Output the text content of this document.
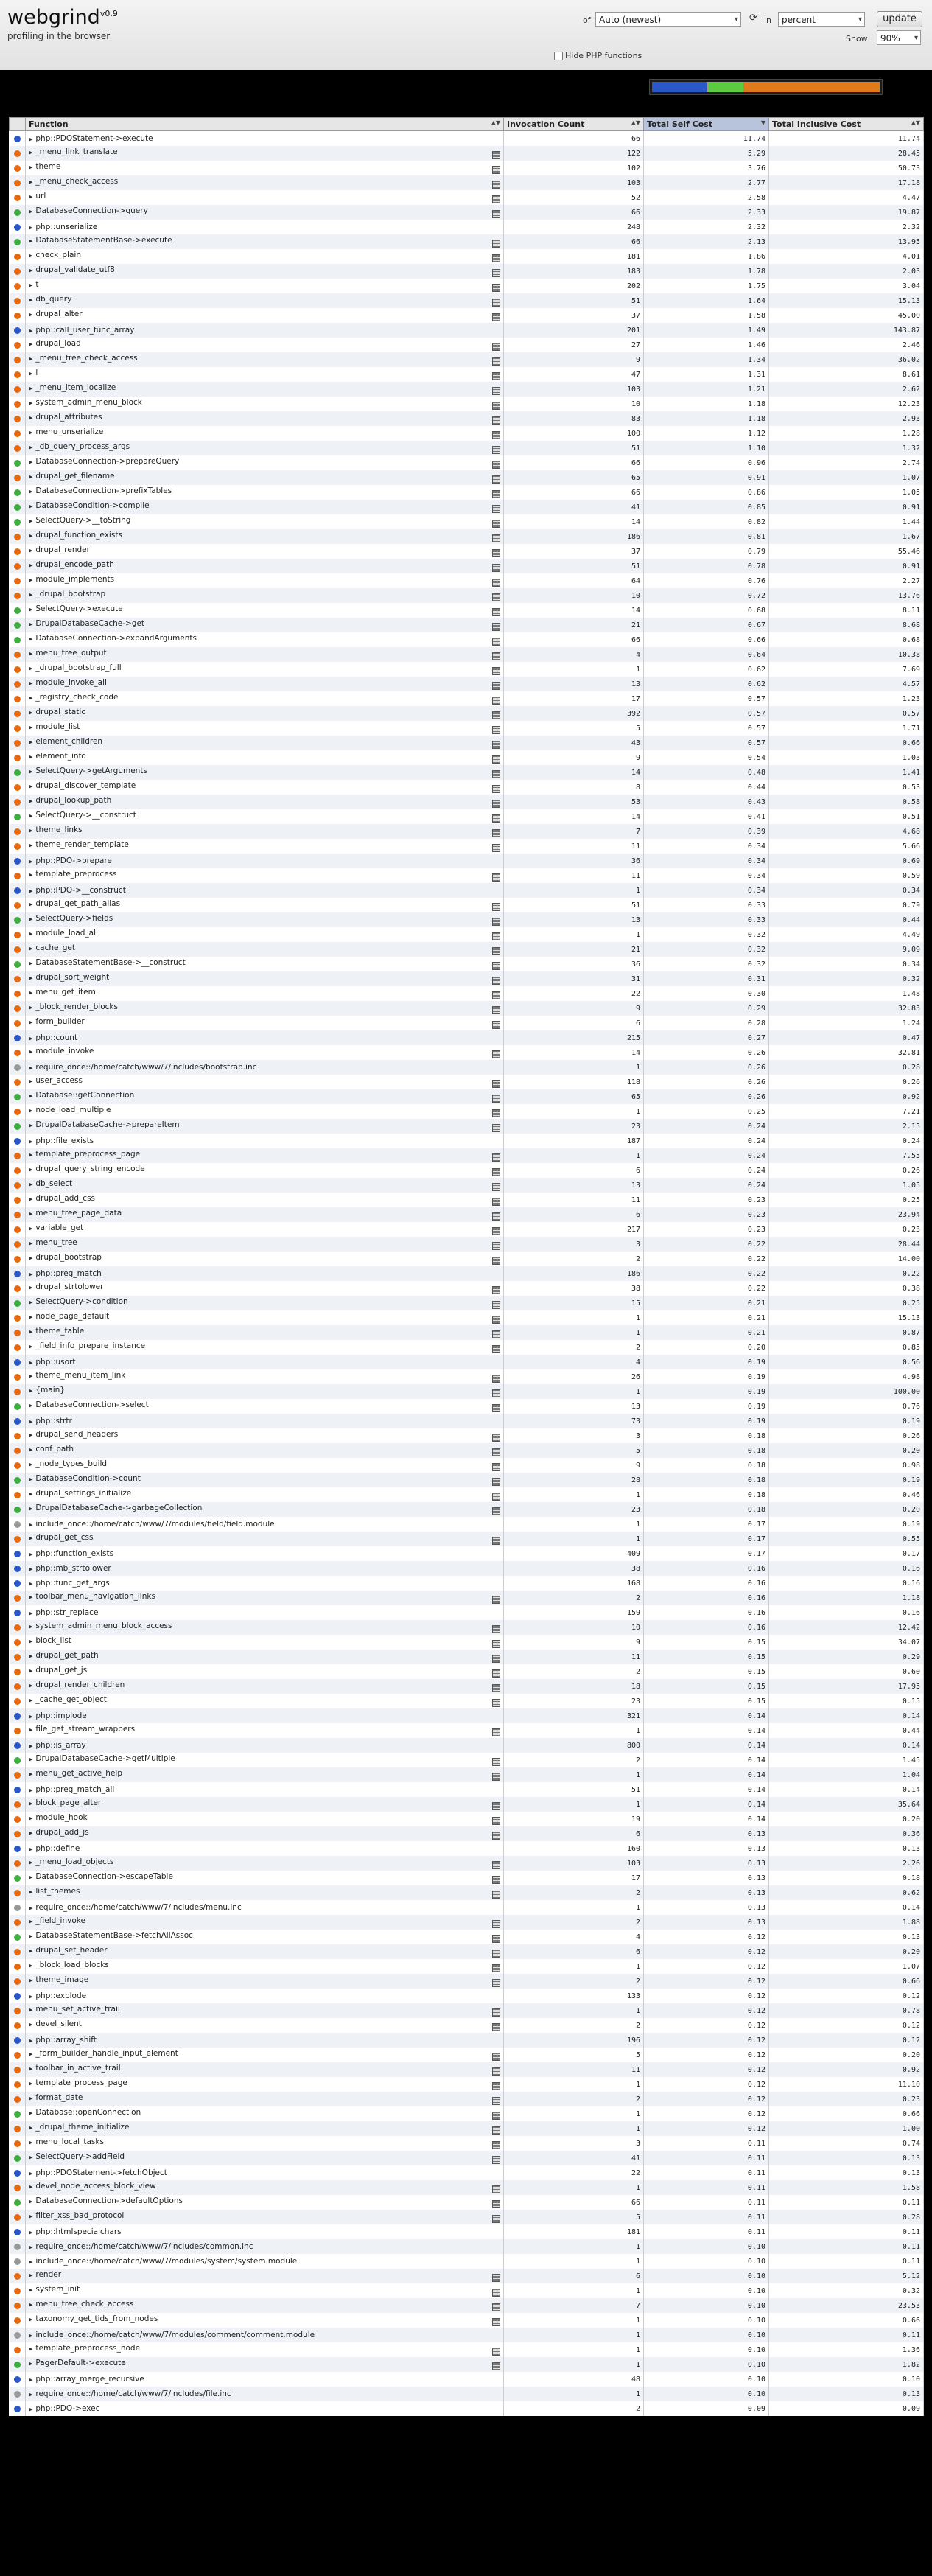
webgrind$^{v0.9}$
profiling in the browser
of Auto (newest)	▾ ⟳ in	percent	▾	update
Show	90% ▾
Hide PHP functions
	Function ▲▼	Invocation Count ▲▼	Total Self Cost ▼	Total Inclusive Cost ▲▼

	▶ php::PDOStatement->execute	66	11.74	11.74
	▶ _menu_link_translate	122	5.29	28.45
	▶ theme	102	3.76	50.73
	▶ _menu_check_access	103	2.77	17.18
	▶ url	52	2.58	4.47
	▶ DatabaseConnection->query	66	2.33	19.87
	▶ php::unserialize	248	2.32	2.32
	▶ DatabaseStatementBase->execute	66	2.13	13.95
	▶ check_plain	181	1.86	4.01
	▶ drupal_validate_utf8	183	1.78	2.03
	▶ t	202	1.75	3.04
	▶ db_query	51	1.64	15.13
	▶ drupal_alter	37	1.58	45.00
	▶ php::call_user_func_array	201	1.49	143.87
	▶ drupal_load	27	1.46	2.46
	▶ _menu_tree_check_access	9	1.34	36.02
	▶ l	47	1.31	8.61
	▶ _menu_item_localize	103	1.21	2.62
	▶ system_admin_menu_block	10	1.18	12.23
	▶ drupal_attributes	83	1.18	2.93
	▶ menu_unserialize	100	1.12	1.28
	▶ _db_query_process_args	51	1.10	1.32
	▶ DatabaseConnection->prepareQuery	66	0.96	2.74
	▶ drupal_get_filename	65	0.91	1.07
	▶ DatabaseConnection->prefixTables	66	0.86	1.05
	▶ DatabaseCondition->compile	41	0.85	0.91
	▶ SelectQuery->__toString	14	0.82	1.44
	▶ drupal_function_exists	186	0.81	1.67
	▶ drupal_render	37	0.79	55.46
	▶ drupal_encode_path	51	0.78	0.91
	▶ module_implements	64	0.76	2.27
	▶ _drupal_bootstrap	10	0.72	13.76
	▶ SelectQuery->execute	14	0.68	8.11
	▶ DrupalDatabaseCache->get	21	0.67	8.68
	▶ DatabaseConnection->expandArguments	66	0.66	0.68
	▶ menu_tree_output	4	0.64	10.38
	▶ _drupal_bootstrap_full	1	0.62	7.69
	▶ module_invoke_all	13	0.62	4.57
	▶ _registry_check_code	17	0.57	1.23
	▶ drupal_static	392	0.57	0.57
	▶ module_list	5	0.57	1.71
	▶ element_children	43	0.57	0.66
	▶ element_info	9	0.54	1.03
	▶ SelectQuery->getArguments	14	0.48	1.41
	▶ drupal_discover_template	8	0.44	0.53
	▶ drupal_lookup_path	53	0.43	0.58
	▶ SelectQuery->__construct	14	0.41	0.51
	▶ theme_links	7	0.39	4.68
	▶ theme_render_template	11	0.34	5.66
	▶ php::PDO->prepare	36	0.34	0.69
	▶ template_preprocess	11	0.34	0.59
	▶ php::PDO->__construct	1	0.34	0.34
	▶ drupal_get_path_alias	51	0.33	0.79
	▶ SelectQuery->fields	13	0.33	0.44
	▶ module_load_all	1	0.32	4.49
	▶ cache_get	21	0.32	9.09
	▶ DatabaseStatementBase->__construct	36	0.32	0.34
	▶ drupal_sort_weight	31	0.31	0.32
	▶ menu_get_item	22	0.30	1.48
	▶ _block_render_blocks	9	0.29	32.83
	▶ form_builder	6	0.28	1.24
	▶ php::count	215	0.27	0.47
	▶ module_invoke	14	0.26	32.81
	▶ require_once::/home/catch/www/7/includes/bootstrap.inc	1	0.26	0.28
	▶ user_access	118	0.26	0.26
	▶ Database::getConnection	65	0.26	0.92
	▶ node_load_multiple	1	0.25	7.21
	▶ DrupalDatabaseCache->prepareItem	23	0.24	2.15
	▶ php::file_exists	187	0.24	0.24
	▶ template_preprocess_page	1	0.24	7.55
	▶ drupal_query_string_encode	6	0.24	0.26
	▶ db_select	13	0.24	1.05
	▶ drupal_add_css	11	0.23	0.25
	▶ menu_tree_page_data	6	0.23	23.94
	▶ variable_get	217	0.23	0.23
	▶ menu_tree	3	0.22	28.44
	▶ drupal_bootstrap	2	0.22	14.00
	▶ php::preg_match	186	0.22	0.22
	▶ drupal_strtolower	38	0.22	0.38
	▶ SelectQuery->condition	15	0.21	0.25
	▶ node_page_default	1	0.21	15.13
	▶ theme_table	1	0.21	0.87
	▶ _field_info_prepare_instance	2	0.20	0.85
	▶ php::usort	4	0.19	0.56
	▶ theme_menu_item_link	26	0.19	4.98
	▶ {main}	1	0.19	100.00
	▶ DatabaseConnection->select	13	0.19	0.76
	▶ php::strtr	73	0.19	0.19
	▶ drupal_send_headers	3	0.18	0.26
	▶ conf_path	5	0.18	0.20
	▶ _node_types_build	9	0.18	0.98
	▶ DatabaseCondition->count	28	0.18	0.19
	▶ drupal_settings_initialize	1	0.18	0.46
	▶ DrupalDatabaseCache->garbageCollection	23	0.18	0.20
	▶ include_once::/home/catch/www/7/modules/field/field.module	1	0.17	0.19
	▶ drupal_get_css	1	0.17	0.55
	▶ php::function_exists	409	0.17	0.17
	▶ php::mb_strtolower	38	0.16	0.16
	▶ php::func_get_args	168	0.16	0.16
	▶ toolbar_menu_navigation_links	2	0.16	1.18
	▶ php::str_replace	159	0.16	0.16
	▶ system_admin_menu_block_access	10	0.16	12.42
	▶ block_list	9	0.15	34.07
	▶ drupal_get_path	11	0.15	0.29
	▶ drupal_get_js	2	0.15	0.60
	▶ drupal_render_children	18	0.15	17.95
	▶ _cache_get_object	23	0.15	0.15
	▶ php::implode	321	0.14	0.14
	▶ file_get_stream_wrappers	1	0.14	0.44
	▶ php::is_array	800	0.14	0.14
	▶ DrupalDatabaseCache->getMultiple	2	0.14	1.45
	▶ menu_get_active_help	1	0.14	1.04
	▶ php::preg_match_all	51	0.14	0.14
	▶ block_page_alter	1	0.14	35.64
	▶ module_hook	19	0.14	0.20
	▶ drupal_add_js	6	0.13	0.36
	▶ php::define	160	0.13	0.13
	▶ _menu_load_objects	103	0.13	2.26
	▶ DatabaseConnection->escapeTable	17	0.13	0.18
	▶ list_themes	2	0.13	0.62
	▶ require_once::/home/catch/www/7/includes/menu.inc	1	0.13	0.14
	▶ _field_invoke	2	0.13	1.88
	▶ DatabaseStatementBase->fetchAllAssoc	4	0.12	0.13
	▶ drupal_set_header	6	0.12	0.20
	▶ _block_load_blocks	1	0.12	1.07
	▶ theme_image	2	0.12	0.66
	▶ php::explode	133	0.12	0.12
	▶ menu_set_active_trail	1	0.12	0.78
	▶ devel_silent	2	0.12	0.12
	▶ php::array_shift	196	0.12	0.12
	▶ _form_builder_handle_input_element	5	0.12	0.20
	▶ toolbar_in_active_trail	11	0.12	0.92
	▶ template_process_page	1	0.12	11.10
	▶ format_date	2	0.12	0.23
	▶ Database::openConnection	1	0.12	0.66
	▶ _drupal_theme_initialize	1	0.12	1.00
	▶ menu_local_tasks	3	0.11	0.74
	▶ SelectQuery->addField	41	0.11	0.13
	▶ php::PDOStatement->fetchObject	22	0.11	0.13
	▶ devel_node_access_block_view	1	0.11	1.58
	▶ DatabaseConnection->defaultOptions	66	0.11	0.11
	▶ filter_xss_bad_protocol	5	0.11	0.28
	▶ php::htmlspecialchars	181	0.11	0.11
	▶ require_once::/home/catch/www/7/includes/common.inc	1	0.10	0.11
	▶ include_once::/home/catch/www/7/modules/system/system.module	1	0.10	0.11
	▶ render	6	0.10	5.12
	▶ system_init	1	0.10	0.32
	▶ menu_tree_check_access	7	0.10	23.53
	▶ taxonomy_get_tids_from_nodes	1	0.10	0.66
	▶ include_once::/home/catch/www/7/modules/comment/comment.module	1	0.10	0.11
	▶ template_preprocess_node	1	0.10	1.36
	▶ PagerDefault->execute	1	0.10	1.82
	▶ php::array_merge_recursive	48	0.10	0.10
	▶ require_once::/home/catch/www/7/includes/file.inc	1	0.10	0.13
	▶ php::PDO->exec	2	0.09	0.09
